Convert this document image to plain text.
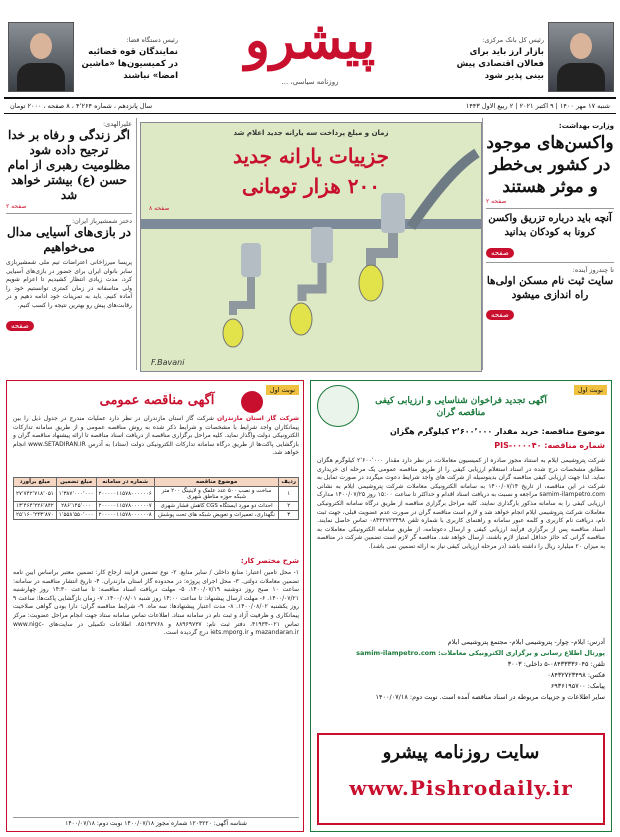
رئیس کل بانک مرکزی:
بازار ارز باید برای فعالان اقتصادی پیش بینی پذیر شود
پیشرو
روزنامه سیاسی، ...
رئیس دستگاه قضا:
نمایندگان قوه قضائیه در کمیسیون‌ها «ماشین امضا» نباشند
سال پانزدهم ، شماره ۴٬۲۶۴ ، ۸ صفحه ، ۲۰۰۰ تومان	شنبه ۱۷ مهر ۱۴۰۰ | ۹ اکتبر ۲۰۲۱ | ۲ ربیع الاول ۱۴۴۳
وزارت بهداشت:
واکسن‌های موجود در کشور بی‌خطر و موثر هستند
صفحه ۲
آنچه باید درباره تزریق واکسن کرونا به کودکان بدانید
صفحه
تا چندروز آینده:
سایت ثبت نام مسکن اولی‌ها راه اندازی میشود
صفحه
زمان و مبلغ پرداخت سه یارانه جدید اعلام شد
جزییات یارانه جدید
۲۰۰ هزار تومانی
صفحه ۸
F.Bavani
علیرالهدی:
اگر زندگی و رفاه بر خدا ترجیح داده شود مظلومیت رهبری از امام حسن (ع) بیشتر خواهد شد
صفحه ۲
دختر شمشیرباز ایران:
در بازی‌های آسیایی مدال می‌خواهیم
پریسا میرزاخانی اعتراضات تیم ملی شمشیربازی سابر بانوان ایران برای حضور در بازی‌های آسیایی کرد، مدت زیادی انتظار کشیدیم تا اعزام شویم ولی متاسفانه در زمان کمتری توانستیم خود را آماده کنیم. باید به تمرینات خود ادامه دهیم و در رقابت‌های پیش رو بهترین نتیجه را کسب کنیم.
صفحه
نوبت اول
آگهی تجدید فراخوان شناسایی و ارزیابی کیفی مناقصه گران
موضوع مناقصه: خرید مقدار ۲٬۶۰۰٬۰۰۰ کیلوگرم هگزان
شماره مناقصه: PIS-۰۰۰۰۴۰
شرکت پتروشیمی ایلام به استناد مجوز صادره از کمیسیون معاملات، در نظر دارد مقدار ۲٬۶۰۰٬۰۰۰ کیلوگرم هگزان مطابق مشخصات درج شده در اسناد استعلام ارزیابی کیفی را از طریق مناقصه عمومی یک مرحله ای خریداری نماید. لذا جهت ارزیابی کیفی مناقصه گران بدینوسیله از شرکت های واجد شرایط دعوت میگردد در صورت تمایل به شرکت در این مناقصه، از تاریخ ۱۴۰۰/۰۷/۱۴ به سامانه الکترونیکی معاملات شرکت پتروشیمی ایلام به نشانی samim-ilampetro.com مراجعه و نسبت به دریافت اسناد اقدام و حداکثر تا ساعت ۱۵:۰۰ روز ۱۴۰۰/۰۷/۲۵ مدارک ارزیابی کیفی را به سامانه مذکور بارگذاری نمایند. کلیه مراحل برگزاری مناقصه از طریق درگاه سامانه الکترونیکی معاملات شرکت پتروشیمی ایلام انجام خواهد شد و لازم است مناقصه گران در صورت عدم عضویت قبلی، جهت ثبت نام، دریافت نام کاربری و کلمه عبور سامانه و راهنمای کاربری با شماره تلفن ۰۸۴۳۲۷۲۳۴۹۸ تماس حاصل نمایند. اسناد مناقصه پس از برگزاری فرآیند ارزیابی کیفی و ارسال دعوتنامه، از طریق سامانه الکترونیکی معاملات به مناقصه گرانی که حائز حداقل امتیاز لازم باشند، ارسال خواهد شد. مناقصه گر لازم است تضمین شرکت در مناقصه به میزان ۲۰ میلیارد ریال را داشته باشد (در مرحله ارزیابی کیفی نیاز به ارائه تضمین نمی باشد).
آدرس: ایلام- چوار- پتروشیمی ایلام- مجتمع پتروشیمی ایلام
پورتال اطلاع رسانی و برگزاری الکترونیکی معاملات: samim-ilampetro.com
تلفن: ۰۸۴۳۳۳۳۶۰۴۵-۵ داخلی: ۳۰۰۳
فکس: ۰۸۴۳۲۷۲۳۴۹۸
پیامک: ۶۹۳۶۱۹۵۷۰۰
سایر اطلاعات و جزییات مربوطه در اسناد مناقصه آمده است. نوبت دوم: ۱۴۰۰/۰۷/۱۸
سایت روزنامه پیشرو
www.Pishrodaily.ir
نوبت اول
آگهی مناقصه عمومی
شرکت گاز استان مازندران شرکت گاز استان مازندران در نظر دارد عملیات مندرج در جدول ذیل را بین پیمانکاران واجد شرایط با مشخصات و شرایط ذکر شده به روش مناقصه عمومی و از طریق سامانه تدارکات الکترونیکی دولت واگذار نماید. کلیه مراحل برگزاری مناقصه از دریافت اسناد مناقصه تا ارائه پیشنهاد مناقصه گران و بازگشایی پاکت‌ها از طریق درگاه سامانه تدارکات الکترونیکی دولت (ستاد) به آدرس www.SETADIRAN.IR انجام خواهد شد.
ردیف	موضوع مناقصه	شماره در سامانه	مبلغ تضمین	مبلغ برآورد
۱	ساخت و نصب ۵۰۰ عدد علمک و لاینینگ ۲۰۰ متر شبکه حوزه مناطق شهری	۲۰۰۰۰۰۱۱۵۷۸۰۰۰۰۰۰۶	۱٬۳۸۷٬۰۰۰٬۰۰۰	۲۷٬۷۴۲٬۷۱۸٬۰۵۱
۲	احداث دو مورد ایستگاه CGS کاهش فشار شهری	۲۰۰۰۰۰۱۱۵۷۸۰۰۰۰۰۰۷	۲۸۶٬۱۴۵٬۰۰۰	۱۳٬۴۶۴٬۲۲۶٬۸۴۲
۳	نگهداری، تعمیرات و تعویض شبکه های تحت پوشش	۲۰۰۰۰۰۱۱۵۷۸۰۰۰۰۰۰۸	۱٬۵۵۸٬۵۵۰٬۰۰۰	۲۵٬۱۶۰٬۲۴۳٬۸۷۰
شرح مختصر کار:
۱- محل تامین اعتبار: منابع داخلی / سایر منابع. ۲- نوع تضمین فرایند ارجاع کار: تضمین معتبر براساس آیین نامه تضمین معاملات دولتی. ۳- محل اجرای پروژه: در محدوده گاز استان مازندران. ۴- تاریخ انتشار مناقصه در سامانه: ساعت ۱۰ صبح روز دوشنبه ۱۴۰۰/۰۷/۱۹. ۵- مهلت دریافت اسناد مناقصه: تا ساعت ۱۴:۳۰ روز چهارشنبه ۱۴۰۰/۰۷/۲۱. ۶- مهلت ارسال پیشنهاد: تا ساعت ۱۴:۰۰ روز شنبه ۱۴۰۰/۰۸/۰۱. ۷- زمان بازگشایی پاکت‌ها: ساعت ۹ روز یکشنبه ۱۴۰۰/۰۸/۰۲. ۸- مدت اعتبار پیشنهادها: سه ماه. ۹- شرایط مناقصه گران: دارا بودن گواهی صلاحیت پیمانکاری و ظرفیت آزاد و ثبت نام در سامانه ستاد. اطلاعات تماس سامانه ستاد جهت انجام مراحل عضویت: مرکز تماس ۰۲۱-۴۱۹۳۴، دفتر ثبت نام: ۸۸۹۶۹۷۳۷ و ۸۵۱۹۳۷۶۸. اطلاعات تکمیلی در سایت‌های www.nigc-mazandaran.ir و iets.mporg.ir درج گردیده است.
شناسه آگهی: ۱۲۰۳۲۲۰ شماره مجوز ۱۴۰۰/۰۷/۱۸ نوبت دوم: ۱۴۰۰/۰۷/۱۸
